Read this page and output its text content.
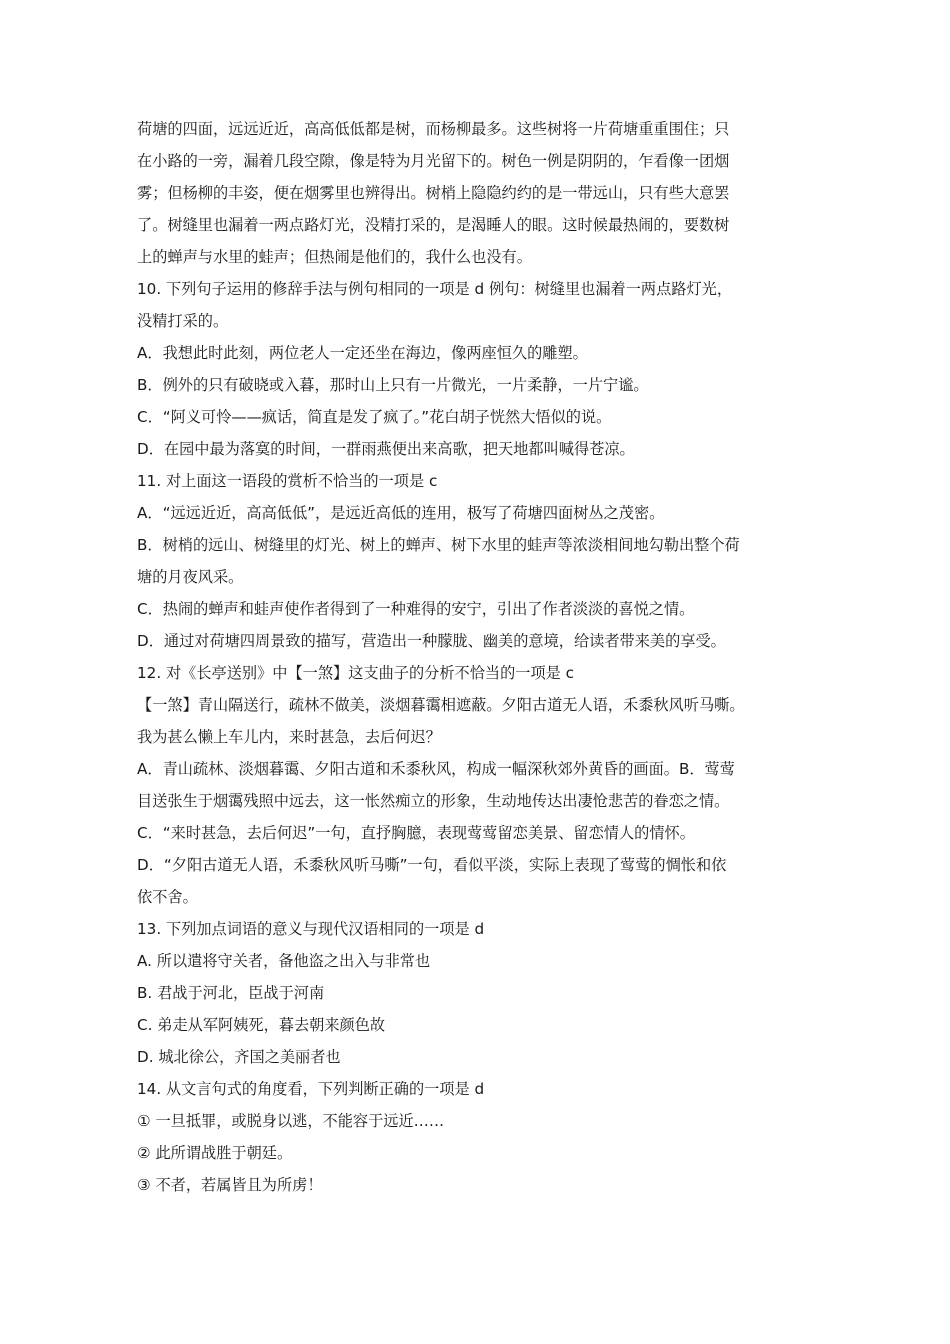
荷塘的四面，远远近近，高高低低都是树，而杨柳最多。这些树将一片荷塘重重围住；只
在小路的一旁，漏着几段空隙，像是特为月光留下的。树色一例是阴阴的，乍看像一团烟
雾；但杨柳的丰姿，便在烟雾里也辨得出。树梢上隐隐约约的是一带远山，只有些大意罢
了。树缝里也漏着一两点路灯光，没精打采的，是渴睡人的眼。这时候最热闹的，要数树
上的蝉声与水里的蛙声；但热闹是他们的，我什么也没有。
10. 下列句子运用的修辞手法与例句相同的一项是 d 例句：树缝里也漏着一两点路灯光，
没精打采的。
A．我想此时此刻，两位老人一定还坐在海边，像两座恒久的雕塑。
B．例外的只有破晓或入暮，那时山上只有一片微光，一片柔静，一片宁谧。
C．“阿义可怜——疯话，简直是发了疯了。”花白胡子恍然大悟似的说。
D．在园中最为落寞的时间，一群雨燕便出来高歌，把天地都叫喊得苍凉。
11. 对上面这一语段的赏析不恰当的一项是 c
A．“远远近近，高高低低”，是远近高低的连用，极写了荷塘四面树丛之茂密。
B．树梢的远山、树缝里的灯光、树上的蝉声、树下水里的蛙声等浓淡相间地勾勒出整个荷
塘的月夜风采。
C．热闹的蝉声和蛙声使作者得到了一种难得的安宁，引出了作者淡淡的喜悦之情。
D．通过对荷塘四周景致的描写，营造出一种朦胧、幽美的意境，给读者带来美的享受。
12. 对《长亭送别》中【一煞】这支曲子的分析不恰当的一项是 c
【一煞】青山隔送行，疏林不做美，淡烟暮霭相遮蔽。夕阳古道无人语，禾黍秋风听马嘶。
我为甚么懒上车儿内，来时甚急，去后何迟？
A．青山疏林、淡烟暮霭、夕阳古道和禾黍秋风，构成一幅深秋郊外黄昏的画面。B．莺莺
目送张生于烟霭残照中远去，这一怅然痴立的形象，生动地传达出凄怆悲苦的眷恋之情。
C．“来时甚急，去后何迟”一句，直抒胸臆，表现莺莺留恋美景、留恋情人的情怀。
D．“夕阳古道无人语，禾黍秋风听马嘶”一句，看似平淡，实际上表现了莺莺的惆怅和依
依不舍。
13. 下列加点词语的意义与现代汉语相同的一项是 d
A. 所以遣将守关者，备他盗之出入与非常也
B. 君战于河北，臣战于河南
C. 弟走从军阿姨死，暮去朝来颜色故
D. 城北徐公，齐国之美丽者也
14. 从文言句式的角度看，下列判断正确的一项是 d
① 一旦抵罪，或脱身以逃，不能容于远近……
② 此所谓战胜于朝廷。
③ 不者，若属皆且为所虏！
